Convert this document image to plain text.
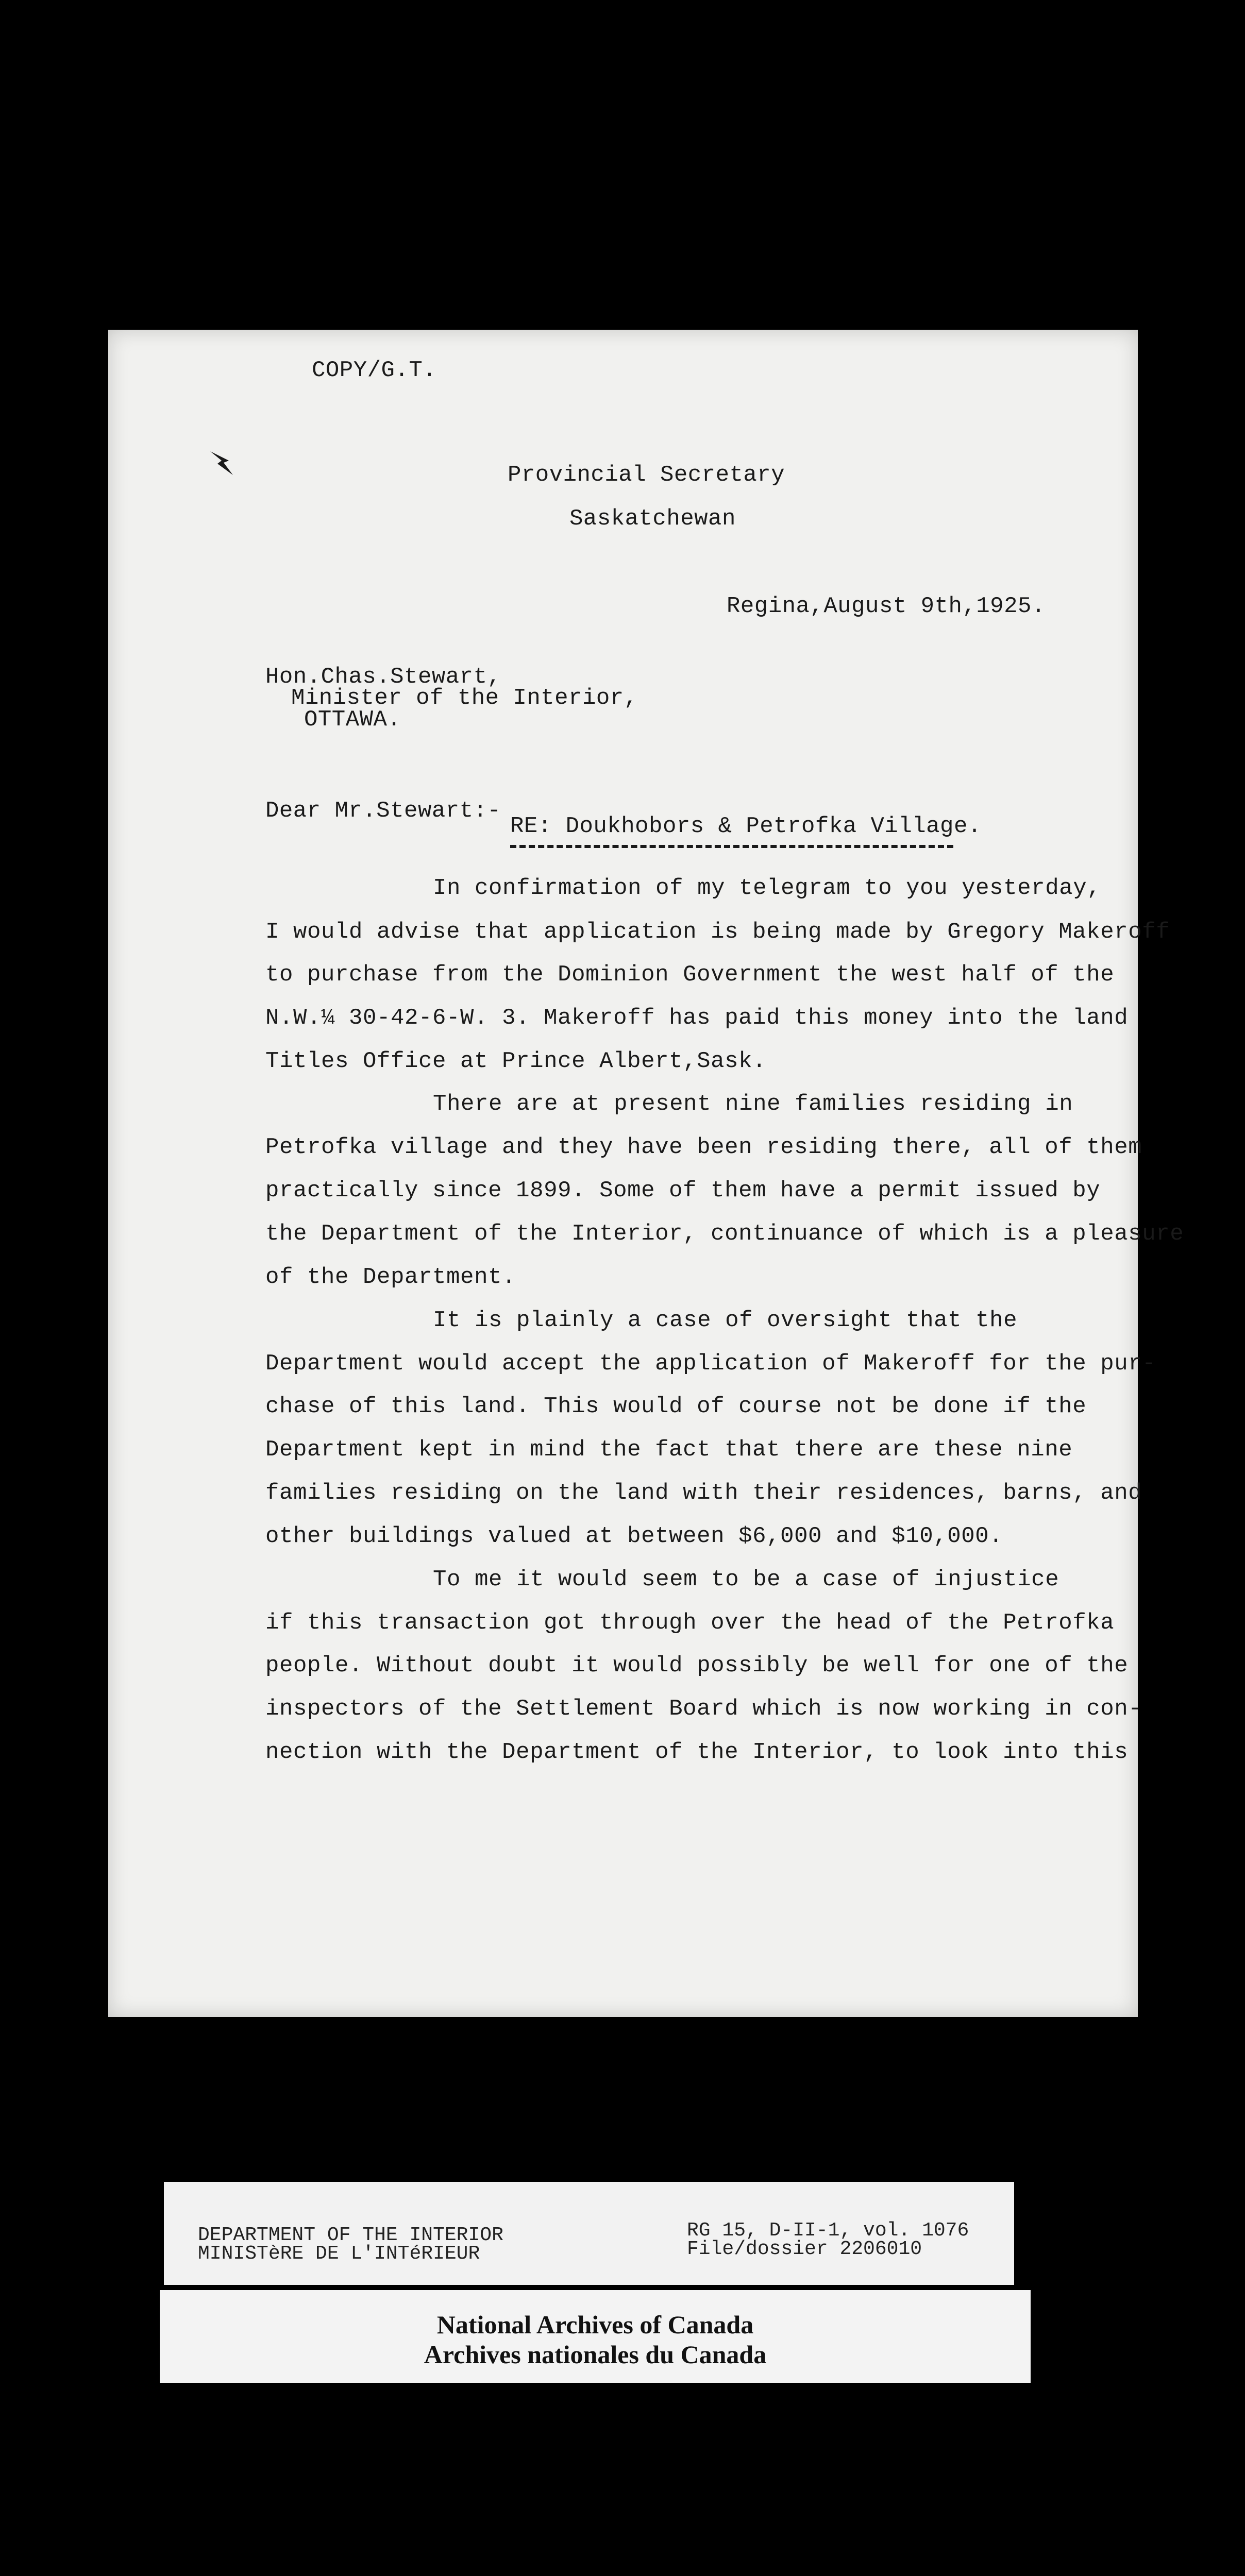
COPY/G.T.
Provincial Secretary
Saskatchewan
Regina,August 9th,1925.
Hon.Chas.Stewart,
Minister of the Interior,
OTTAWA.
Dear Mr.Stewart:-
RE: Doukhobors & Petrofka Village.
In confirmation of my telegram to you yesterday,
I would advise that application is being made by Gregory Makeroff
to purchase from the Dominion Government the west half of the
N.W.¼ 30-42-6-W. 3. Makeroff has paid this money into the land
Titles Office at Prince Albert,Sask.
There are at present nine families residing in
Petrofka village and they have been residing there, all of them
practically since 1899. Some of them have a permit issued by
the Department of the Interior, continuance of which is a pleasure
of the Department.
It is plainly a case of oversight that the
Department would accept the application of Makeroff for the pur-
chase of this land. This would of course not be done if the
Department kept in mind the fact that there are these nine
families residing on the land with their residences, barns, and
other buildings valued at between $6,000 and $10,000.
To me it would seem to be a case of injustice
if this transaction got through over the head of the Petrofka
people. Without doubt it would possibly be well for one of the
inspectors of the Settlement Board which is now working in con-
nection with the Department of the Interior, to look into this
DEPARTMENT OF THE INTERIOR
MINISTèRE DE L'INTéRIEUR
RG 15, D-II-1, vol. 1076
File/dossier 2206010
National Archives of Canada
Archives nationales du Canada
